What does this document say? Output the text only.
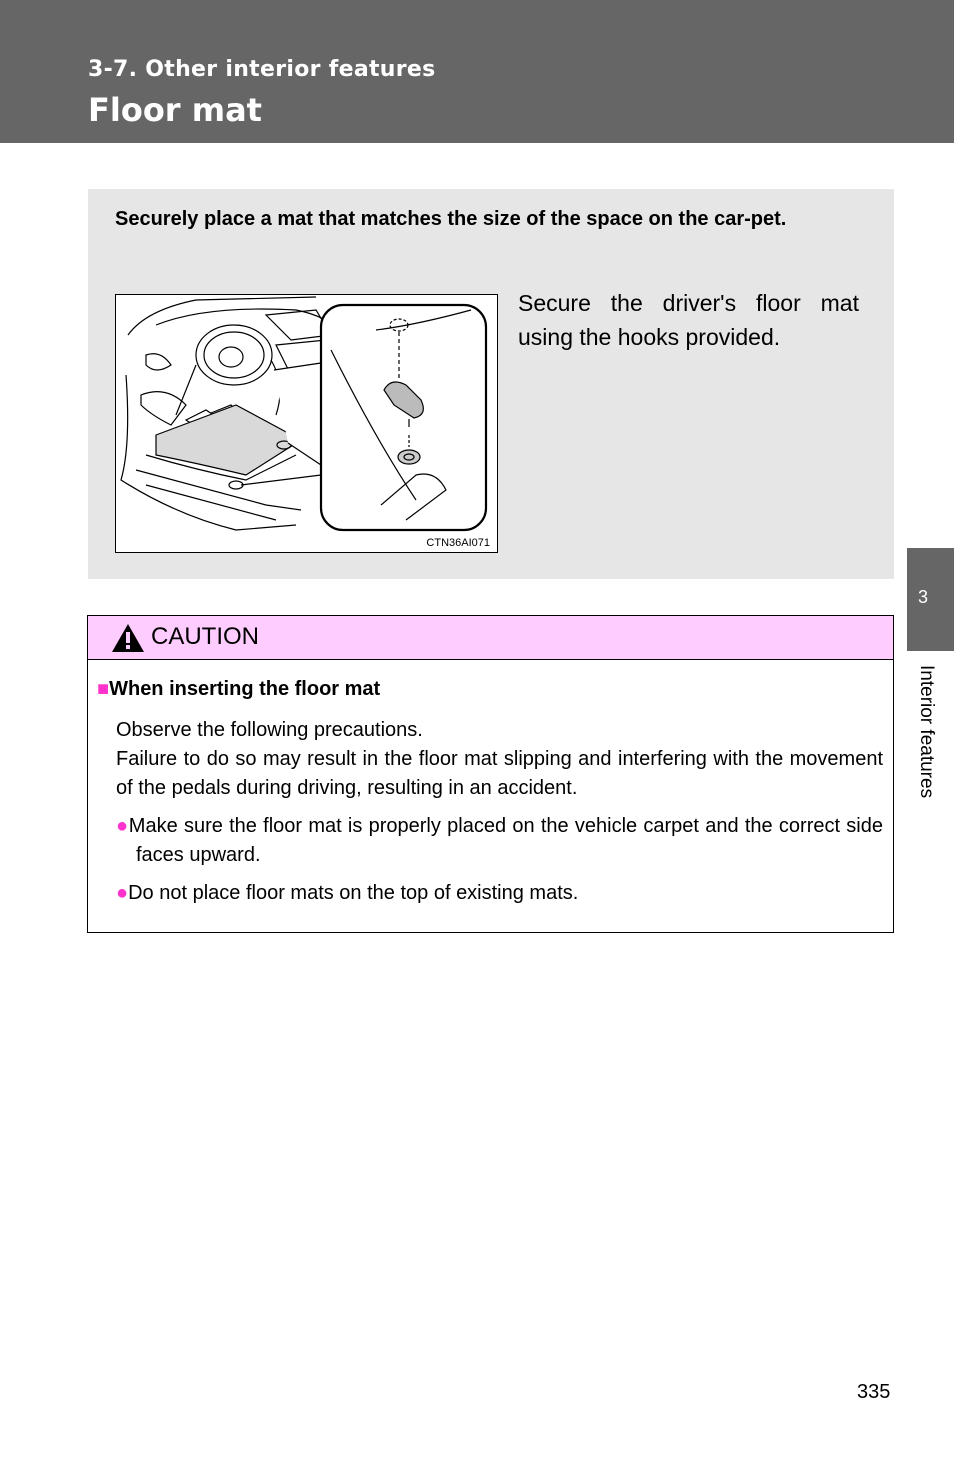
3-7. Other interior features
Floor mat
Securely place a mat that matches the size of the space on the car-pet.
CTN36AI071
Secure the driver's floor mat using the hooks provided.
CAUTION
■When inserting the floor mat
Observe the following precautions.
Failure to do so may result in the floor mat slipping and interfering with the movement of the pedals during driving, resulting in an accident.
●Make sure the floor mat is properly placed on the vehicle carpet and the correct side faces upward.
●Do not place floor mats on the top of existing mats.
3
Interior features
335
